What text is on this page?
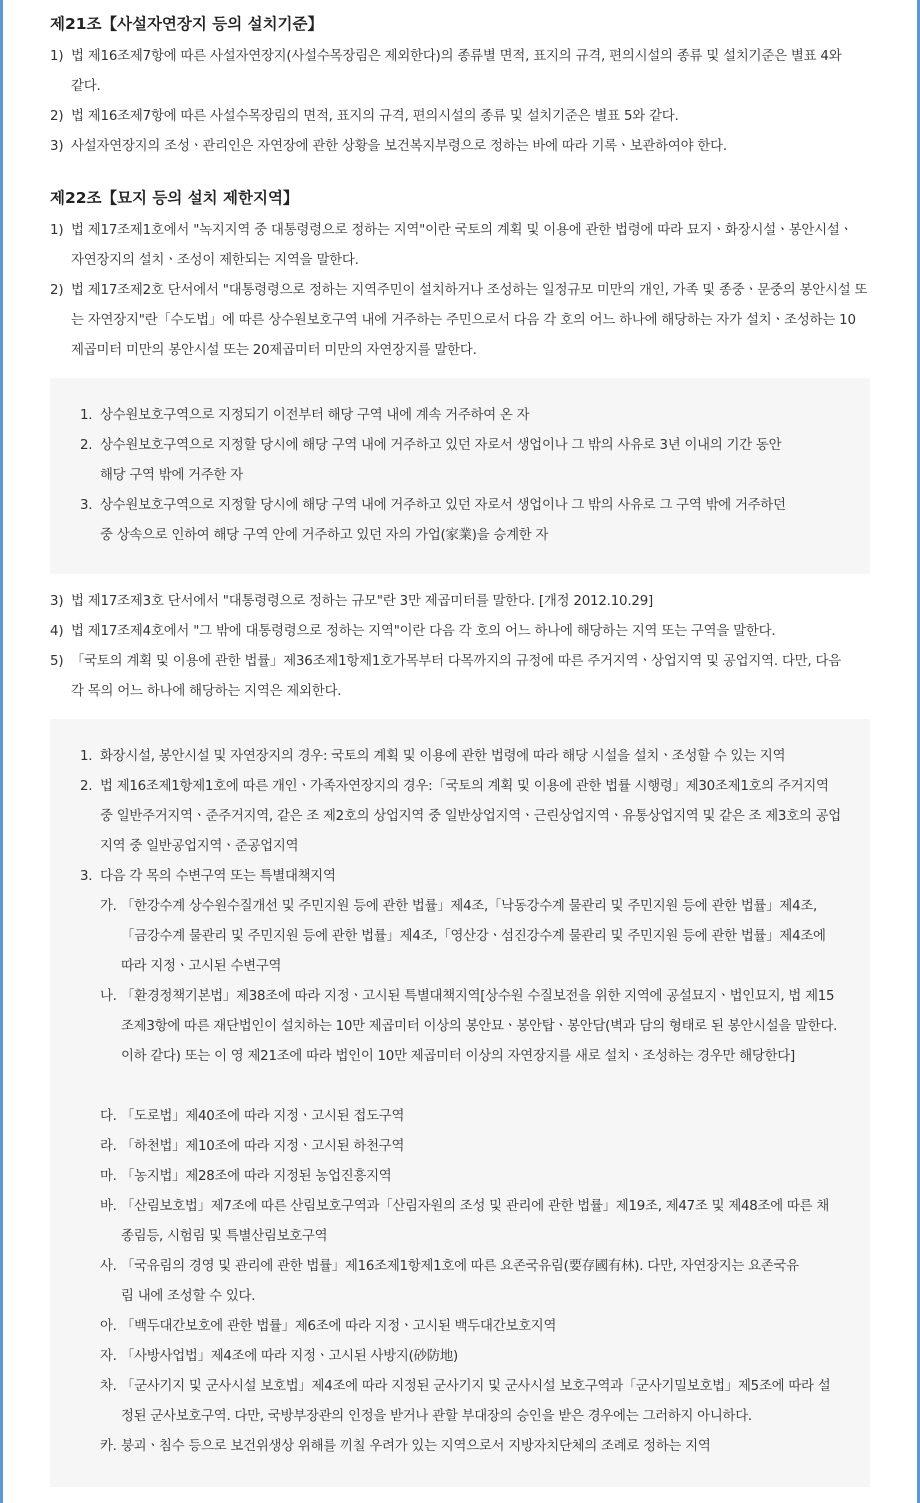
제21조【사설자연장지 등의 설치기준】

1) 법 제16조제7항에 따른 사설자연장지(사설수목장림은 제외한다)의 종류별 면적, 표지의 규격, 편의시설의 종류 및 설치기준은 별표 4와 같다.

2) 법 제16조제7항에 따른 사설수목장림의 면적, 표지의 규격, 편의시설의 종류 및 설치기준은 별표 5와 같다.

3) 사설자연장지의 조성ㆍ관리인은 자연장에 관한 상황을 보건복지부령으로 정하는 바에 따라 기록ㆍ보관하여야 한다.

제22조【묘지 등의 설치 제한지역】

1) 법 제17조제1호에서 "녹지지역 중 대통령령으로 정하는 지역"이란 국토의 계획 및 이용에 관한 법령에 따라 묘지ㆍ화장시설ㆍ봉안시설ㆍ자연장지의 설치ㆍ조성이 제한되는 지역을 말한다.

2) 법 제17조제2호 단서에서 "대통령령으로 정하는 지역주민이 설치하거나 조성하는 일정규모 미만의 개인, 가족 및 종중ㆍ문중의 봉안시설 또는 자연장지"란「수도법」에 따른 상수원보호구역 내에 거주하는 주민으로서 다음 각 호의 어느 하나에 해당하는 자가 설치ㆍ조성하는 10제곱미터 미만의 봉안시설 또는 20제곱미터 미만의 자연장지를 말한다.

1. 상수원보호구역으로 지정되기 이전부터 해당 구역 내에 계속 거주하여 온 자

2. 상수원보호구역으로 지정할 당시에 해당 구역 내에 거주하고 있던 자로서 생업이나 그 밖의 사유로 3년 이내의 기간 동안 해당 구역 밖에 거주한 자

3. 상수원보호구역으로 지정할 당시에 해당 구역 내에 거주하고 있던 자로서 생업이나 그 밖의 사유로 그 구역 밖에 거주하던 중 상속으로 인하여 해당 구역 안에 거주하고 있던 자의 가업(家業)을 승계한 자

3) 법 제17조제3호 단서에서 "대통령령으로 정하는 규모"란 3만 제곱미터를 말한다. [개정 2012.10.29]

4) 법 제17조제4호에서 "그 밖에 대통령령으로 정하는 지역"이란 다음 각 호의 어느 하나에 해당하는 지역 또는 구역을 말한다.

5) 「국토의 계획 및 이용에 관한 법률」제36조제1항제1호가목부터 다목까지의 규정에 따른 주거지역ㆍ상업지역 및 공업지역. 다만, 다음 각 목의 어느 하나에 해당하는 지역은 제외한다.

1. 화장시설, 봉안시설 및 자연장지의 경우: 국토의 계획 및 이용에 관한 법령에 따라 해당 시설을 설치ㆍ조성할 수 있는 지역

2. 법 제16조제1항제1호에 따른 개인ㆍ가족자연장지의 경우:「국토의 계획 및 이용에 관한 법률 시행령」제30조제1호의 주거지역 중 일반주거지역ㆍ준주거지역, 같은 조 제2호의 상업지역 중 일반상업지역ㆍ근린상업지역ㆍ유통상업지역 및 같은 조 제3호의 공업지역 중 일반공업지역ㆍ준공업지역

3. 다음 각 목의 수변구역 또는 특별대책지역

가. 「한강수계 상수원수질개선 및 주민지원 등에 관한 법률」제4조,「낙동강수계 물관리 및 주민지원 등에 관한 법률」제4조,「금강수계 물관리 및 주민지원 등에 관한 법률」제4조,「영산강ㆍ섬진강수계 물관리 및 주민지원 등에 관한 법률」제4조에 따라 지정ㆍ고시된 수변구역

나. 「환경정책기본법」제38조에 따라 지정ㆍ고시된 특별대책지역[상수원 수질보전을 위한 지역에 공설묘지ㆍ법인묘지, 법 제15조제3항에 따른 재단법인이 설치하는 10만 제곱미터 이상의 봉안묘ㆍ봉안탑ㆍ봉안담(벽과 담의 형태로 된 봉안시설을 말한다. 이하 같다) 또는 이 영 제21조에 따라 법인이 10만 제곱미터 이상의 자연장지를 새로 설치ㆍ조성하는 경우만 해당한다]

다. 「도로법」제40조에 따라 지정ㆍ고시된 접도구역

라. 「하천법」제10조에 따라 지정ㆍ고시된 하천구역

마. 「농지법」제28조에 따라 지정된 농업진흥지역

바. 「산림보호법」제7조에 따른 산림보호구역과「산림자원의 조성 및 관리에 관한 법률」제19조, 제47조 및 제48조에 따른 채종림등, 시험림 및 특별산림보호구역

사. 「국유림의 경영 및 관리에 관한 법률」제16조제1항제1호에 따른 요존국유림(要存國有林). 다만, 자연장지는 요존국유림 내에 조성할 수 있다.

아. 「백두대간보호에 관한 법률」제6조에 따라 지정ㆍ고시된 백두대간보호지역

자. 「사방사업법」제4조에 따라 지정ㆍ고시된 사방지(砂防地)

차. 「군사기지 및 군사시설 보호법」제4조에 따라 지정된 군사기지 및 군사시설 보호구역과「군사기밀보호법」제5조에 따라 설정된 군사보호구역. 다만, 국방부장관의 인정을 받거나 관할 부대장의 승인을 받은 경우에는 그러하지 아니하다.

카. 붕괴ㆍ침수 등으로 보건위생상 위해를 끼칠 우려가 있는 지역으로서 지방자치단체의 조례로 정하는 지역
